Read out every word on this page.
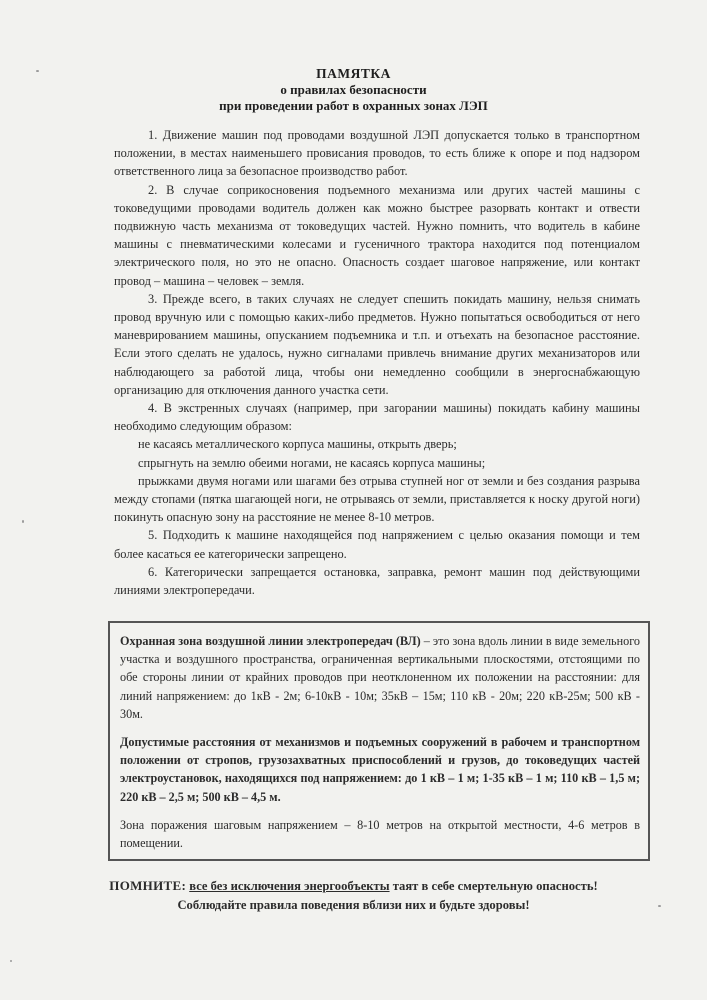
ПАМЯТКА
о правилах безопасности
при проведении работ в охранных зонах ЛЭП

1. Движение машин под проводами воздушной ЛЭП допускается только в транспортном положении, в местах наименьшего провисания проводов, то есть ближе к опоре и под надзором ответственного лица за безопасное производство работ.

2. В случае соприкосновения подъемного механизма или других частей машины с токоведущими проводами водитель должен как можно быстрее разорвать контакт и отвести подвижную часть механизма от токоведущих частей. Нужно помнить, что водитель в кабине машины с пневматическими колесами и гусеничного трактора находится под потенциалом электрического поля, но это не опасно. Опасность создает шаговое напряжение, или контакт провод – машина – человек – земля.

3. Прежде всего, в таких случаях не следует спешить покидать машину, нельзя снимать провод вручную или с помощью каких-либо предметов. Нужно попытаться освободиться от него маневрированием машины, опусканием подъемника и т.п. и отъехать на безопасное расстояние. Если этого сделать не удалось, нужно сигналами привлечь внимание других механизаторов или наблюдающего за работой лица, чтобы они немедленно сообщили в энергоснабжающую организацию для отключения данного участка сети.

4. В экстренных случаях (например, при загорании машины) покидать кабину машины необходимо следующим образом:

не касаясь металлического корпуса машины, открыть дверь;

спрыгнуть на землю обеими ногами, не касаясь корпуса машины;

прыжками двумя ногами или шагами без отрыва ступней ног от земли и без создания разрыва между стопами (пятка шагающей ноги, не отрываясь от земли, приставляется к носку другой ноги) покинуть опасную зону на расстояние не менее 8-10 метров.

5. Подходить к машине находящейся под напряжением с целью оказания помощи и тем более касаться ее категорически запрещено.

6. Категорически запрещается остановка, заправка, ремонт машин под действующими линиями электропередачи.

Охранная зона воздушной линии электропередач (ВЛ) – это зона вдоль линии в виде земельного участка и воздушного пространства, ограниченная вертикальными плоскостями, отстоящими по обе стороны линии от крайних проводов при неотклоненном их положении на расстоянии: для линий напряжением: до 1кВ - 2м; 6-10кВ - 10м; 35кВ – 15м; 110 кВ - 20м; 220 кВ-25м; 500 кВ - 30м.

Допустимые расстояния от механизмов и подъемных сооружений в рабочем и транспортном положении от стропов, грузозахватных приспособлений и грузов, до токоведущих частей электроустановок, находящихся под напряжением: до 1 кВ – 1 м; 1-35 кВ – 1 м; 110 кВ – 1,5 м; 220 кВ – 2,5 м; 500 кВ – 4,5 м.

Зона поражения шаговым напряжением – 8-10 метров на открытой местности, 4-6 метров в помещении.

ПОМНИТЕ: все без исключения энергообъекты таят в себе смертельную опасность!
Соблюдайте правила поведения вблизи них и будьте здоровы!
